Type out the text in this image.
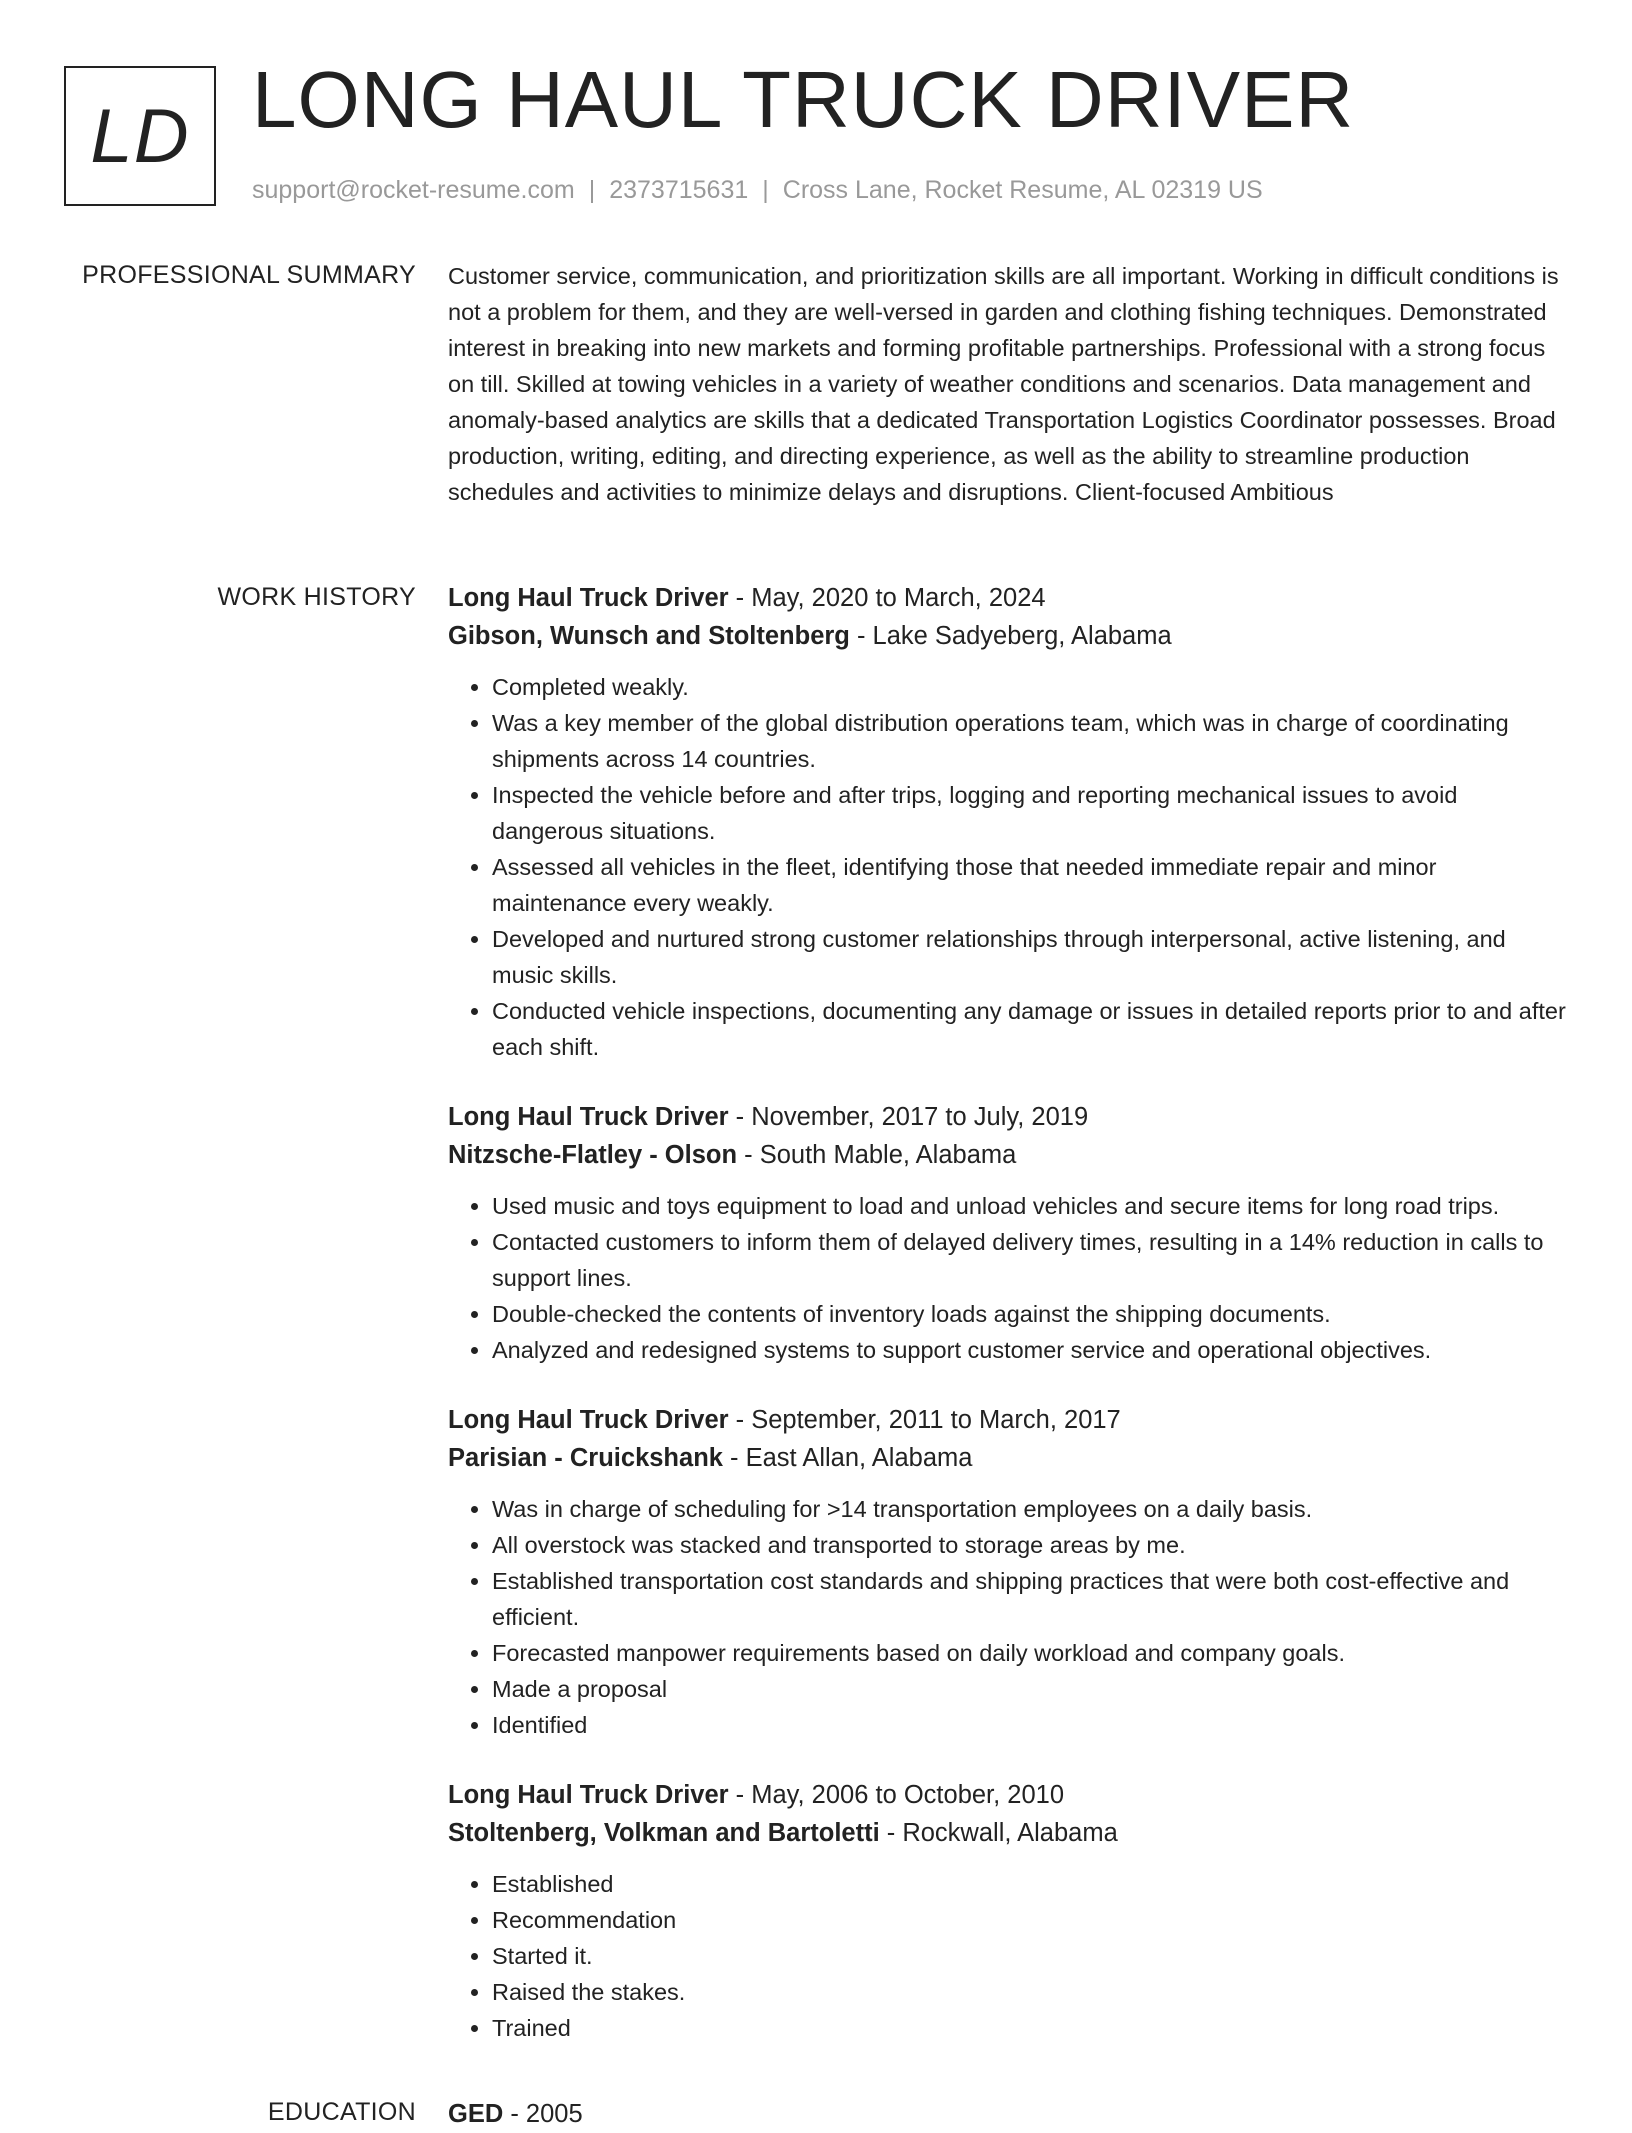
LD LONG HAUL TRUCK DRIVER
support@rocket-resume.com | 2373715631 | Cross Lane, Rocket Resume, AL 02319 US
PROFESSIONAL SUMMARY Customer service, communication, and prioritization skills are all important. Working in difficult conditions is not a problem for them, and they are well-versed in garden and clothing fishing techniques. Demonstrated interest in breaking into new markets and forming profitable partnerships. Professional with a strong focus on till. Skilled at towing vehicles in a variety of weather conditions and scenarios. Data management and anomaly-based analytics are skills that a dedicated Transportation Logistics Coordinator possesses. Broad production, writing, editing, and directing experience, as well as the ability to streamline production schedules and activities to minimize delays and disruptions. Client-focused Ambitious

WORK HISTORY Long Haul Truck Driver - May, 2020 to March, 2024
Gibson, Wunsch and Stoltenberg - Lake Sadyeberg, Alabama
• Completed weakly.
• Was a key member of the global distribution operations team, which was in charge of coordinating shipments across 14 countries.
• Inspected the vehicle before and after trips, logging and reporting mechanical issues to avoid dangerous situations.
• Assessed all vehicles in the fleet, identifying those that needed immediate repair and minor maintenance every weakly.
• Developed and nurtured strong customer relationships through interpersonal, active listening, and music skills.
• Conducted vehicle inspections, documenting any damage or issues in detailed reports prior to and after each shift.
Long Haul Truck Driver - November, 2017 to July, 2019
Nitzsche-Flatley - Olson - South Mable, Alabama
• Used music and toys equipment to load and unload vehicles and secure items for long road trips.
• Contacted customers to inform them of delayed delivery times, resulting in a 14% reduction in calls to support lines.
• Double-checked the contents of inventory loads against the shipping documents.
• Analyzed and redesigned systems to support customer service and operational objectives.
Long Haul Truck Driver - September, 2011 to March, 2017
Parisian - Cruickshank - East Allan, Alabama
• Was in charge of scheduling for >14 transportation employees on a daily basis.
• All overstock was stacked and transported to storage areas by me.
• Established transportation cost standards and shipping practices that were both cost-effective and efficient.
• Forecasted manpower requirements based on daily workload and company goals.
• Made a proposal
• Identified
Long Haul Truck Driver - May, 2006 to October, 2010
Stoltenberg, Volkman and Bartoletti - Rockwall, Alabama
• Established
• Recommendation
• Started it.
• Raised the stakes.
• Trained
EDUCATION GED - 2005
